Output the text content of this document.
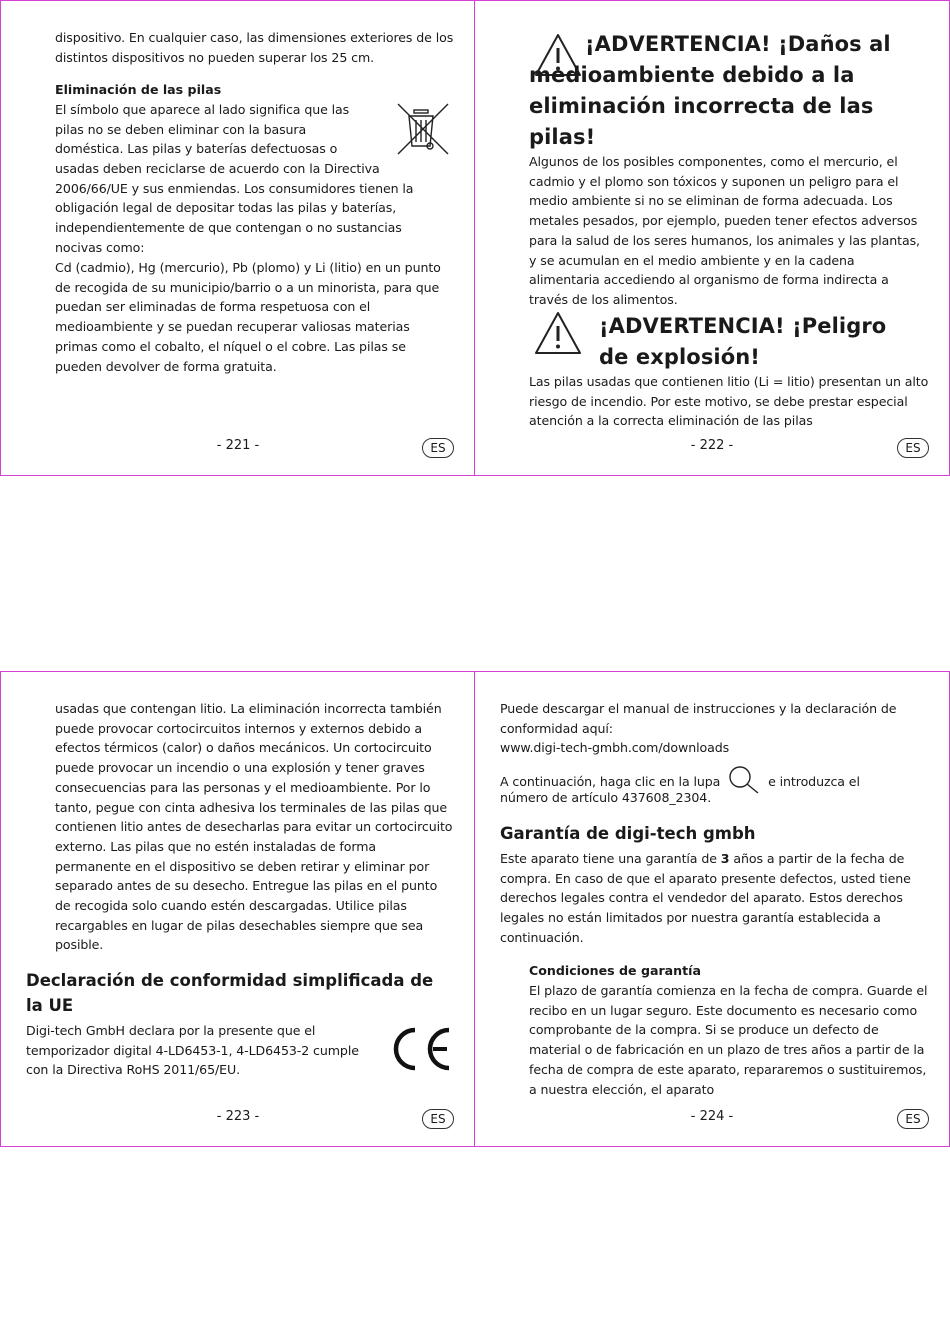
dispositivo. En cualquier caso, las dimensiones exteriores de los distintos dispositivos no pueden superar los 25 cm.

Eliminación de las pilas

El símbolo que aparece al lado significa que las
pilas no se deben eliminar con la basura
doméstica. Las pilas y baterías defectuosas o

usadas deben reciclarse de acuerdo con la Directiva 2006/66/UE y sus enmiendas. Los consumidores tienen la obligación legal de depositar todas las pilas y baterías, independientemente de que contengan o no sustancias nocivas como:

Cd (cadmio), Hg (mercurio), Pb (plomo) y Li (litio) en un punto de recogida de su municipio/barrio o a un minorista, para que puedan ser eliminadas de forma respetuosa con el medioambiente y se puedan recuperar valiosas materias primas como el cobalto, el níquel o el cobre. Las pilas se pueden devolver de forma gratuita.

- 221 -	ES

¡ADVERTENCIA! ¡Daños al medioambiente debido a la eliminación incorrecta de las pilas!

Algunos de los posibles componentes, como el mercurio, el cadmio y el plomo son tóxicos y suponen un peligro para el medio ambiente si no se eliminan de forma adecuada. Los metales pesados, por ejemplo, pueden tener efectos adversos para la salud de los seres humanos, los animales y las plantas, y se acumulan en el medio ambiente y en la cadena alimentaria accediendo al organismo de forma indirecta a través de los alimentos.

¡ADVERTENCIA! ¡Peligro de explosión!

Las pilas usadas que contienen litio (Li = litio) presentan un alto riesgo de incendio. Por este motivo, se debe prestar especial atención a la correcta eliminación de las pilas

- 222 -	ES

usadas que contengan litio. La eliminación incorrecta también puede provocar cortocircuitos internos y externos debido a efectos térmicos (calor) o daños mecánicos. Un cortocircuito puede provocar un incendio o una explosión y tener graves consecuencias para las personas y el medioambiente. Por lo tanto, pegue con cinta adhesiva los terminales de las pilas que contienen litio antes de desecharlas para evitar un cortocircuito externo. Las pilas que no estén instaladas de forma permanente en el dispositivo se deben retirar y eliminar por separado antes de su desecho. Entregue las pilas en el punto de recogida solo cuando estén descargadas. Utilice pilas recargables en lugar de pilas desechables siempre que sea posible.

Declaración de conformidad simplificada de la UE

Digi-tech GmbH declara por la presente que el temporizador digital 4-LD6453-1, 4-LD6453-2 cumple con la Directiva RoHS 2011/65/EU.

- 223 -	ES

Puede descargar el manual de instrucciones y la declaración de conformidad aquí:

www.digi-tech-gmbh.com/downloads

A continuación, haga clic en la lupa	e introduzca el

número de artículo 437608_2304.

Garantía de digi-tech gmbh

Este aparato tiene una garantía de 3 años a partir de la fecha de compra. En caso de que el aparato presente defectos, usted tiene derechos legales contra el vendedor del aparato. Estos derechos legales no están limitados por nuestra garantía establecida a continuación.

Condiciones de garantía

El plazo de garantía comienza en la fecha de compra. Guarde el recibo en un lugar seguro. Este documento es necesario como comprobante de la compra. Si se produce un defecto de material o de fabricación en un plazo de tres años a partir de la fecha de compra de este aparato, repararemos o sustituiremos, a nuestra elección, el aparato

- 224 -	ES
